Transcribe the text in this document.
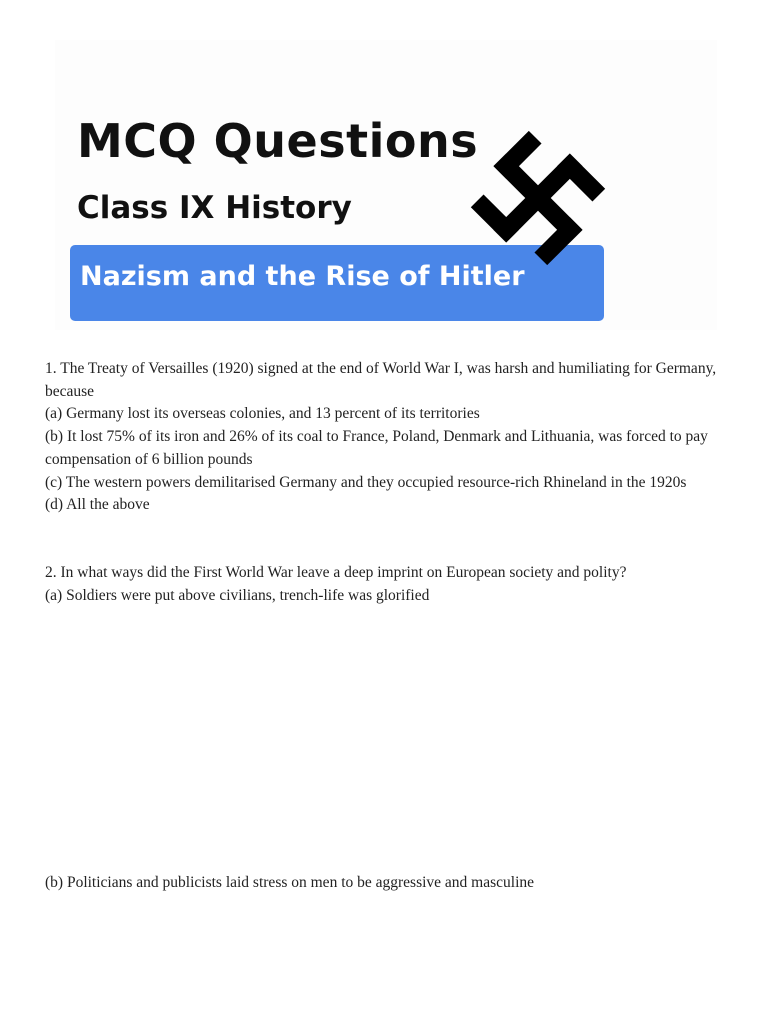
MCQ Questions
Class IX History
Nazism and the Rise of Hitler

1. The Treaty of Versailles (1920) signed at the end of World War I, was harsh and humiliating for Germany, because

(a) Germany lost its overseas colonies, and 13 percent of its territories

(b) It lost 75% of its iron and 26% of its coal to France, Poland, Denmark and Lithuania, was forced to pay compensation of 6 billion pounds

(c) The western powers demilitarised Germany and they occupied resource-rich Rhineland in the 1920s

(d) All the above

2. In what ways did the First World War leave a deep imprint on European society and polity?

(a) Soldiers were put above civilians, trench-life was glorified

(b) Politicians and publicists laid stress on men to be aggressive and masculine
